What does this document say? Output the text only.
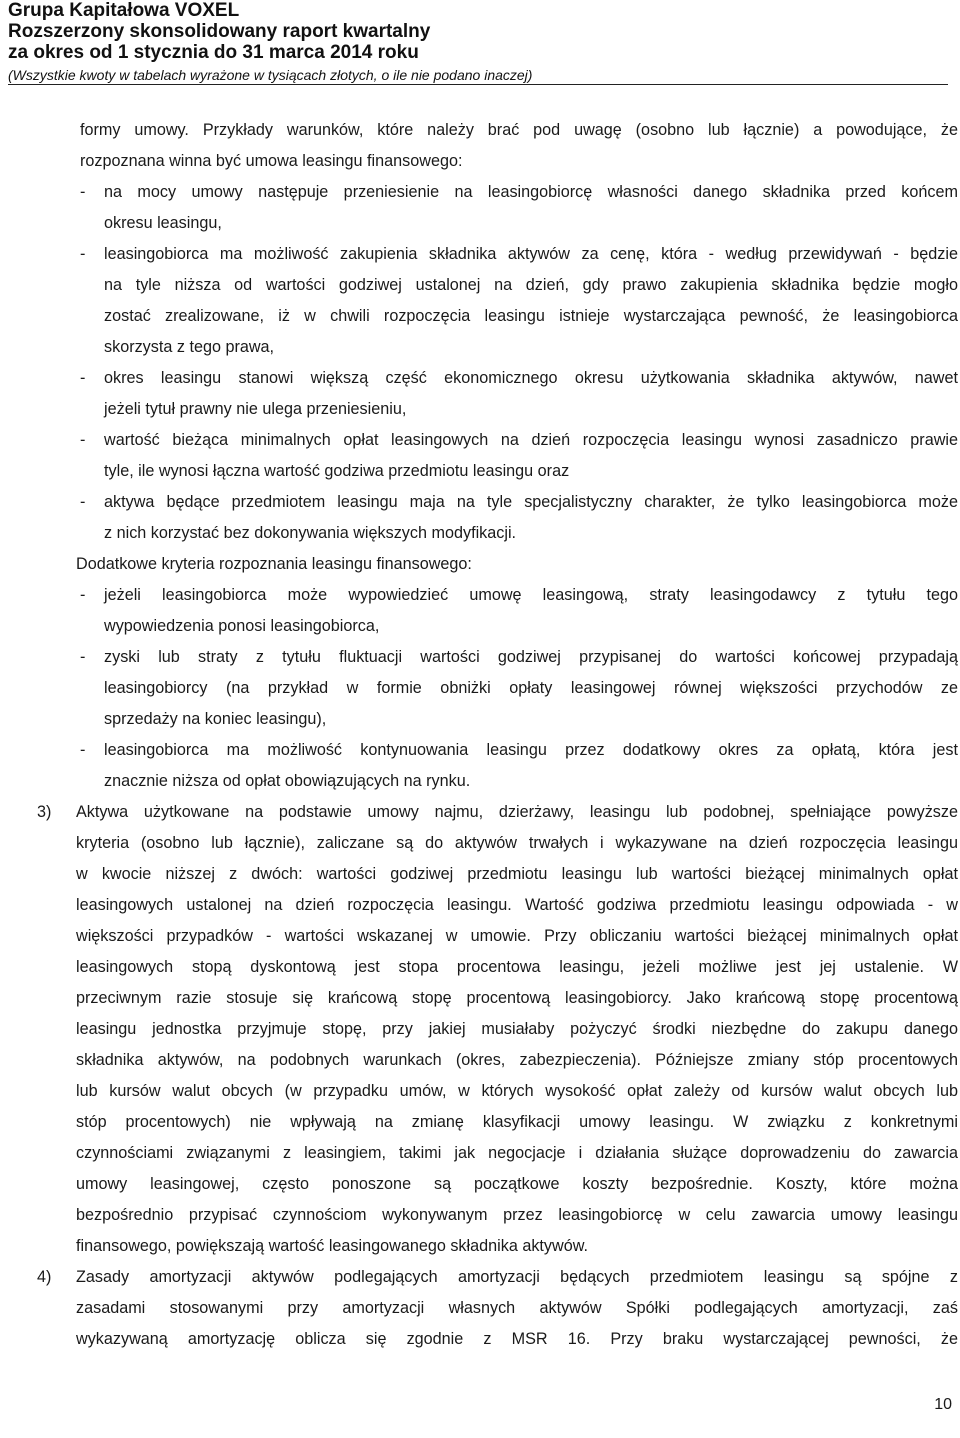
Grupa Kapitałowa VOXEL
Rozszerzony skonsolidowany raport kwartalny
za okres od 1 stycznia do 31 marca 2014 roku
(Wszystkie kwoty w tabelach wyrażone w tysiącach złotych, o ile nie podano inaczej)
formy umowy. Przykłady warunków, które należy brać pod uwagę (osobno lub łącznie) a powodujące, że
rozpoznana winna być umowa leasingu finansowego:
- na mocy umowy następuje przeniesienie na leasingobiorcę własności danego składnika przed końcem
okresu leasingu,
- leasingobiorca ma możliwość zakupienia składnika aktywów za cenę, która - według przewidywań - będzie
na tyle niższa od wartości godziwej ustalonej na dzień, gdy prawo zakupienia składnika będzie mogło
zostać zrealizowane, iż w chwili rozpoczęcia leasingu istnieje wystarczająca pewność, że leasingobiorca
skorzysta z tego prawa,
- okres leasingu stanowi większą część ekonomicznego okresu użytkowania składnika aktywów, nawet
jeżeli tytuł prawny nie ulega przeniesieniu,
- wartość bieżąca minimalnych opłat leasingowych na dzień rozpoczęcia leasingu wynosi zasadniczo prawie
tyle, ile wynosi łączna wartość godziwa przedmiotu leasingu oraz
- aktywa będące przedmiotem leasingu maja na tyle specjalistyczny charakter, że tylko leasingobiorca może
z nich korzystać bez dokonywania większych modyfikacji.
Dodatkowe kryteria rozpoznania leasingu finansowego:
- jeżeli leasingobiorca może wypowiedzieć umowę leasingową, straty leasingodawcy z tytułu tego
wypowiedzenia ponosi leasingobiorca,
- zyski lub straty z tytułu fluktuacji wartości godziwej przypisanej do wartości końcowej przypadają
leasingobiorcy (na przykład w formie obniżki opłaty leasingowej równej większości przychodów ze
sprzedaży na koniec leasingu),
- leasingobiorca ma możliwość kontynuowania leasingu przez dodatkowy okres za opłatą, która jest
znacznie niższa od opłat obowiązujących na rynku.
3) Aktywa użytkowane na podstawie umowy najmu, dzierżawy, leasingu lub podobnej, spełniające powyższe
kryteria (osobno lub łącznie), zaliczane są do aktywów trwałych i wykazywane na dzień rozpoczęcia leasingu
w kwocie niższej z dwóch: wartości godziwej przedmiotu leasingu lub wartości bieżącej minimalnych opłat
leasingowych ustalonej na dzień rozpoczęcia leasingu. Wartość godziwa przedmiotu leasingu odpowiada - w
większości przypadków - wartości wskazanej w umowie. Przy obliczaniu wartości bieżącej minimalnych opłat
leasingowych stopą dyskontową jest stopa procentowa leasingu, jeżeli możliwe jest jej ustalenie. W
przeciwnym razie stosuje się krańcową stopę procentową leasingobiorcy. Jako krańcową stopę procentową
leasingu jednostka przyjmuje stopę, przy jakiej musiałaby pożyczyć środki niezbędne do zakupu danego
składnika aktywów, na podobnych warunkach (okres, zabezpieczenia). Późniejsze zmiany stóp procentowych
lub kursów walut obcych (w przypadku umów, w których wysokość opłat zależy od kursów walut obcych lub
stóp procentowych) nie wpływają na zmianę klasyfikacji umowy leasingu. W związku z konkretnymi
czynnościami związanymi z leasingiem, takimi jak negocjacje i działania służące doprowadzeniu do zawarcia
umowy leasingowej, często ponoszone są początkowe koszty bezpośrednie. Koszty, które można
bezpośrednio przypisać czynnościom wykonywanym przez leasingobiorcę w celu zawarcia umowy leasingu
finansowego, powiększają wartość leasingowanego składnika aktywów.
4) Zasady amortyzacji aktywów podlegających amortyzacji będących przedmiotem leasingu są spójne z
zasadami stosowanymi przy amortyzacji własnych aktywów Spółki podlegających amortyzacji, zaś
wykazywaną amortyzację oblicza się zgodnie z MSR 16. Przy braku wystarczającej pewności, że
10
